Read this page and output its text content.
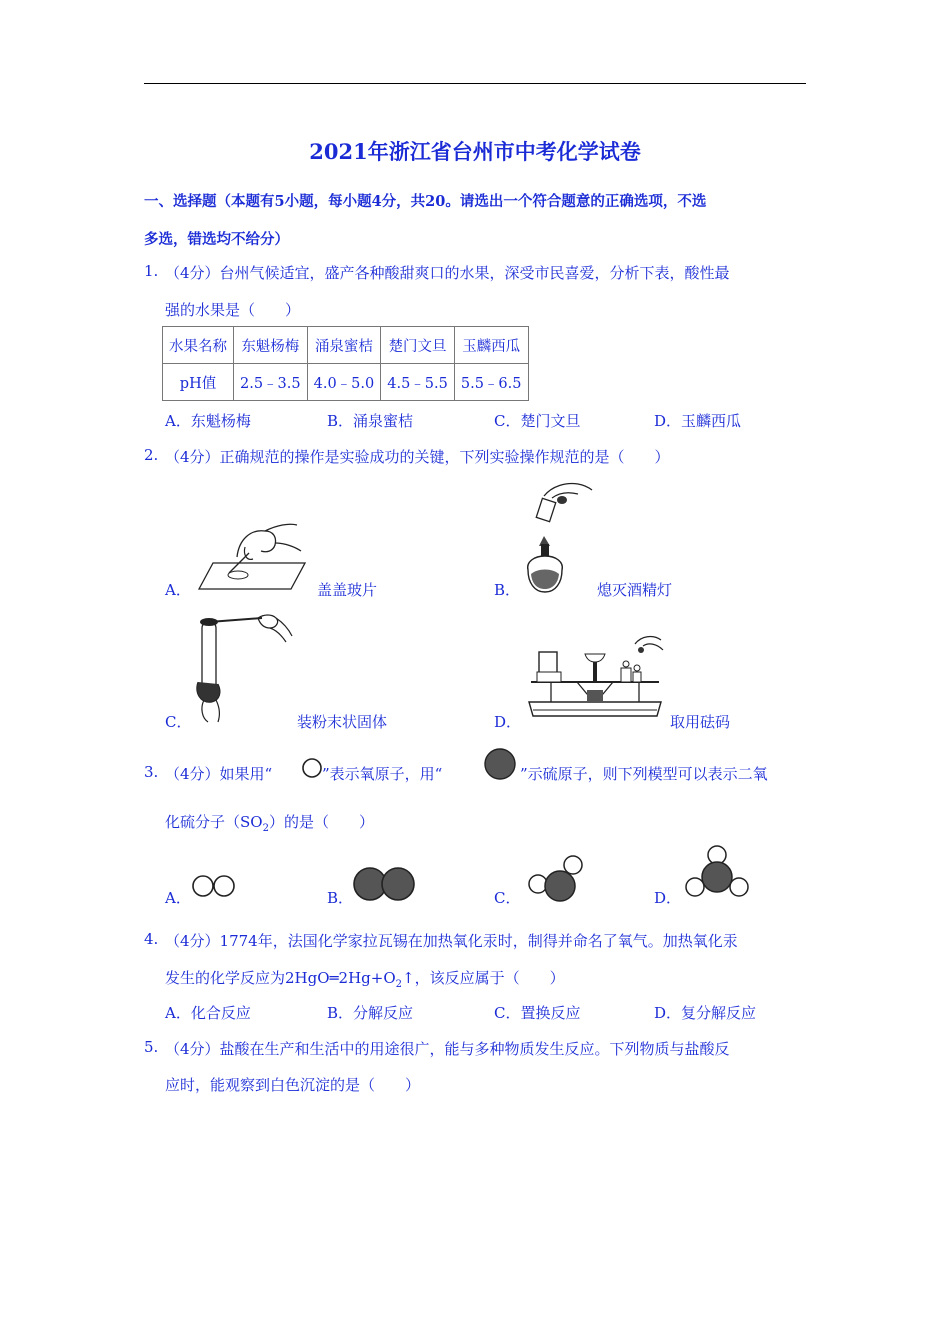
2021年浙江省台州市中考化学试卷
一、选择题（本题有5小题，每小题4分，共20。请选出一个符合题意的正确选项，不选
多选，错选均不给分）
1. （4分）台州气候适宜，盛产各种酸甜爽口的水果，深受市民喜爱，分析下表，酸性最
强的水果是（　　）
水果名称	东魁杨梅	涌泉蜜桔	楚门文旦	玉麟西瓜
pH值	2.5﹣3.5	4.0﹣5.0	4.5﹣5.5	5.5﹣6.5
A．东魁杨梅	B．涌泉蜜桔	C．楚门文旦	D．玉麟西瓜
2. （4分）正确规范的操作是实验成功的关键，下列实验操作规范的是（　　）
A．	盖盖玻片	B．	熄灭酒精灯
C．	装粉末状固体	D．	取用砝码
3. （4分）如果用“	”表示氧原子，用“	”示硫原子，则下列模型可以表示二氧
化硫分子$(SO_2)$的是（　　）
A．	B．	C．	D．
4. （4分）1774年，法国化学家拉瓦锡在加热氧化汞时，制得并命名了氧气。加热氧化汞
发生的化学反应为$2HgO═2Hg+O_2↑$，该反应属于（　　）
A．化合反应	B．分解反应	C．置换反应	D．复分解反应
5. （4分）盐酸在生产和生活中的用途很广，能与多种物质发生反应。下列物质与盐酸反
应时，能观察到白色沉淀的是（　　）
